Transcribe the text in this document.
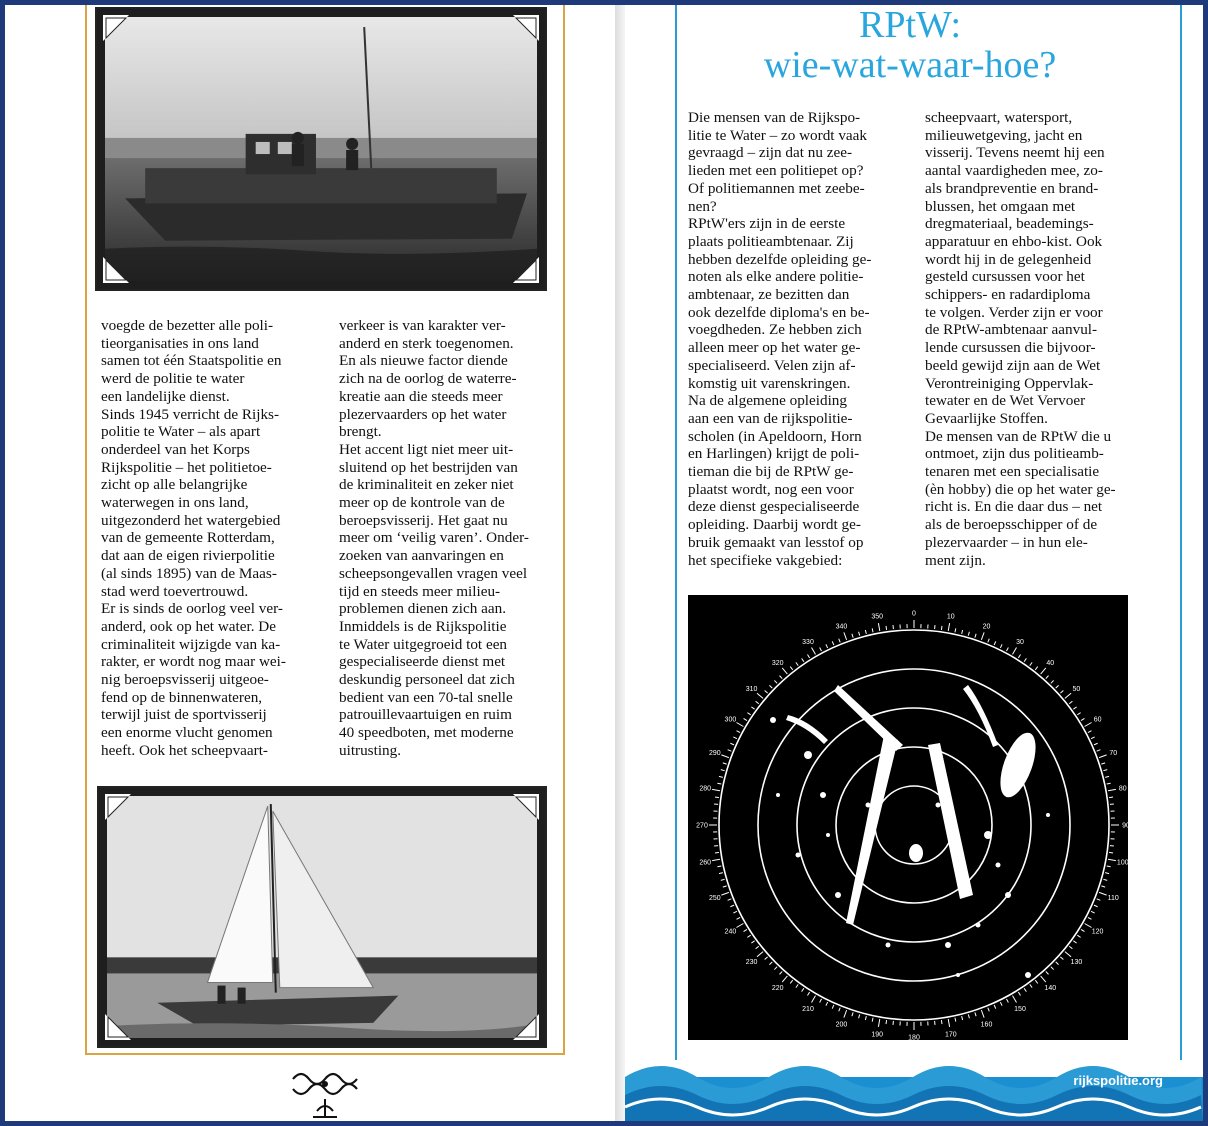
voegde de bezetter alle poli-
tieorganisaties in ons land
samen tot één Staatspolitie en
werd de politie te water
een landelijke dienst.
Sinds 1945 verricht de Rijks-
politie te Water – als apart
onderdeel van het Korps
Rijkspolitie – het politietoe-
zicht op alle belangrijke
waterwegen in ons land,
uitgezonderd het watergebied
van de gemeente Rotterdam,
dat aan de eigen rivierpolitie
(al sinds 1895) van de Maas-
stad werd toevertrouwd.
Er is sinds de oorlog veel ver-
anderd, ook op het water. De
criminaliteit wijzigde van ka-
rakter, er wordt nog maar wei-
nig beroepsvisserij uitgeoe-
fend op de binnenwateren,
terwijl juist de sportvisserij
een enorme vlucht genomen
heeft. Ook het scheepvaart-
verkeer is van karakter ver-
anderd en sterk toegenomen.
En als nieuwe factor diende
zich na de oorlog de waterre-
kreatie aan die steeds meer
plezervaarders op het water
brengt.
Het accent ligt niet meer uit-
sluitend op het bestrijden van
de kriminaliteit en zeker niet
meer op de kontrole van de
beroepsvisserij. Het gaat nu
meer om ‘veilig varen’. Onder-
zoeken van aanvaringen en
scheepsongevallen vragen veel
tijd en steeds meer milieu-
problemen dienen zich aan.
Inmiddels is de Rijkspolitie
te Water uitgegroeid tot een
gespecialiseerde dienst met
deskundig personeel dat zich
bedient van een 70-tal snelle
patrouillevaartuigen en ruim
40 speedboten, met moderne
uitrusting.
RPtW:
wie-wat-waar-hoe?
Die mensen van de Rijkspo-
litie te Water – zo wordt vaak
gevraagd – zijn dat nu zee-
lieden met een politiepet op?
Of politiemannen met zeebe-
nen?
RPtW'ers zijn in de eerste
plaats politieambtenaar. Zij
hebben dezelfde opleiding ge-
noten als elke andere politie-
ambtenaar, ze bezitten dan
ook dezelfde diploma's en be-
voegdheden. Ze hebben zich
alleen meer op het water ge-
specialiseerd. Velen zijn af-
komstig uit varenskringen.
Na de algemene opleiding
aan een van de rijkspolitie-
scholen (in Apeldoorn, Horn
en Harlingen) krijgt de poli-
tieman die bij de RPtW ge-
plaatst wordt, nog een voor
deze dienst gespecialiseerde
opleiding. Daarbij wordt ge-
bruik gemaakt van lesstof op
het specifieke vakgebied:
scheepvaart, watersport,
milieuwetgeving, jacht en
visserij. Tevens neemt hij een
aantal vaardigheden mee, zo-
als brandpreventie en brand-
blussen, het omgaan met
dregmateriaal, beademings-
apparatuur en ehbo-kist. Ook
wordt hij in de gelegenheid
gesteld cursussen voor het
schippers- en radardiploma
te volgen. Verder zijn er voor
de RPtW-ambtenaar aanvul-
lende cursussen die bijvoor-
beeld gewijd zijn aan de Wet
Verontreiniging Oppervlak-
tewater en de Wet Vervoer
Gevaarlijke Stoffen.
De mensen van de RPtW die u
ontmoet, zijn dus politieamb-
tenaren met een specialisatie
(èn hobby) die op het water ge-
richt is. En die daar dus – net
als de beroepsschipper of de
plezervaarder – in hun ele-
ment zijn.
0	10
20
30
40
50
60
70
80
90
100
110
120
130
140
150
160
170
180
190
200
210
220
230
240
250
260
270
280
290
300
310
320
330
340
350
rijkspolitie.org
